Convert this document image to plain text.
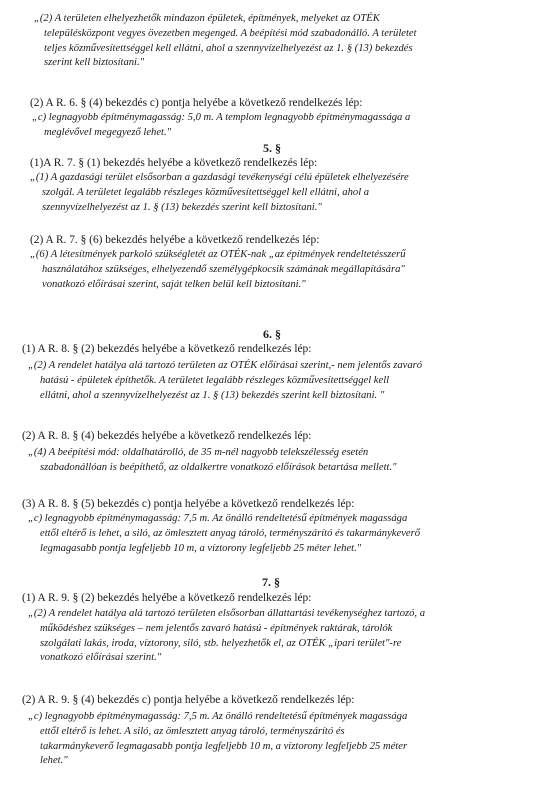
„(2) A területen elhelyezhetők mindazon épületek, építmények, melyeket az OTÉK
településközpont vegyes övezetben megenged. A beépítési mód szabadonálló. A területet
teljes közművesítettséggel kell ellátni, ahol a szennyvízelhelyezést az 1. § (13) bekezdés
szerint kell biztosítani."
(2) A R. 6. § (4) bekezdés c) pontja helyébe a következő rendelkezés lép:
„c) legnagyobb építménymagasság: 5,0 m. A templom legnagyobb építménymagassága a
meglévővel megegyező lehet."
5. §
(1)A R. 7. § (1) bekezdés helyébe a következő rendelkezés lép:
„(1) A gazdasági terület elsősorban a gazdasági tevékenységi célú épületek elhelyezésére
szolgál. A területet legalább részleges közművesítettséggel kell ellátni, ahol a
szennyvízelhelyezést az 1. § (13) bekezdés szerint kell biztosítani."
(2) A R. 7. § (6) bekezdés helyébe a következő rendelkezés lép:
„(6) A létesítmények parkoló szükségletét az OTÉK-nak „az építmények rendeltetésszerű
használatához szükséges, elhelyezendő személygépkocsik számának megállapítására"
vonatkozó előírásai szerint, saját telken belül kell biztosítani."
6. §
(1) A R. 8. § (2) bekezdés helyébe a következő rendelkezés lép:
„(2) A rendelet hatálya alá tartozó területen az OTÉK előírásai szerint,- nem jelentős zavaró
hatású - épületek építhetők. A területet legalább részleges közművesítettséggel kell
ellátni, ahol a szennyvízelhelyezést az 1. § (13) bekezdés szerint kell biztosítani. "
(2) A R. 8. § (4) bekezdés helyébe a következő rendelkezés lép:
„(4) A beépítési mód: oldalhatárolló, de 35 m-nél nagyobb telekszélesség esetén
szabadonállóan is beépíthető, az oldalkertre vonatkozó előírások betartása mellett."
(3) A R. 8. § (5) bekezdés c) pontja helyébe a következő rendelkezés lép:
„c) legnagyobb építménymagasság: 7,5 m. Az önálló rendeltetésű építmények magassága
ettől eltérő is lehet, a siló, az ömlesztett anyag tároló, terményszárító és takarmánykeverő
legmagasabb pontja legfeljebb 10 m, a víztorony legfeljebb 25 méter lehet."
7. §
(1) A R. 9. § (2) bekezdés helyébe a következő rendelkezés lép:
„(2) A rendelet hatálya alá tartozó területen elsősorban állattartási tevékenységhez tartozó, a
működéshez szükséges – nem jelentős zavaró hatású - építmények raktárak, tárolók
szolgálati lakás, iroda, víztorony, siló, stb. helyezhetők el, az OTÉK „ipari terület"-re
vonatkozó előírásai szerint."
(2) A R. 9. § (4) bekezdés c) pontja helyébe a következő rendelkezés lép:
„c) legnagyobb építménymagasság: 7,5 m. Az önálló rendeltetésű építmények magassága
ettől eltérő is lehet. A siló, az ömlesztett anyag tároló, terményszárító és
takarmánykeverő legmagasabb pontja legfeljebb 10 m, a víztorony legfeljebb 25 méter
lehet."
